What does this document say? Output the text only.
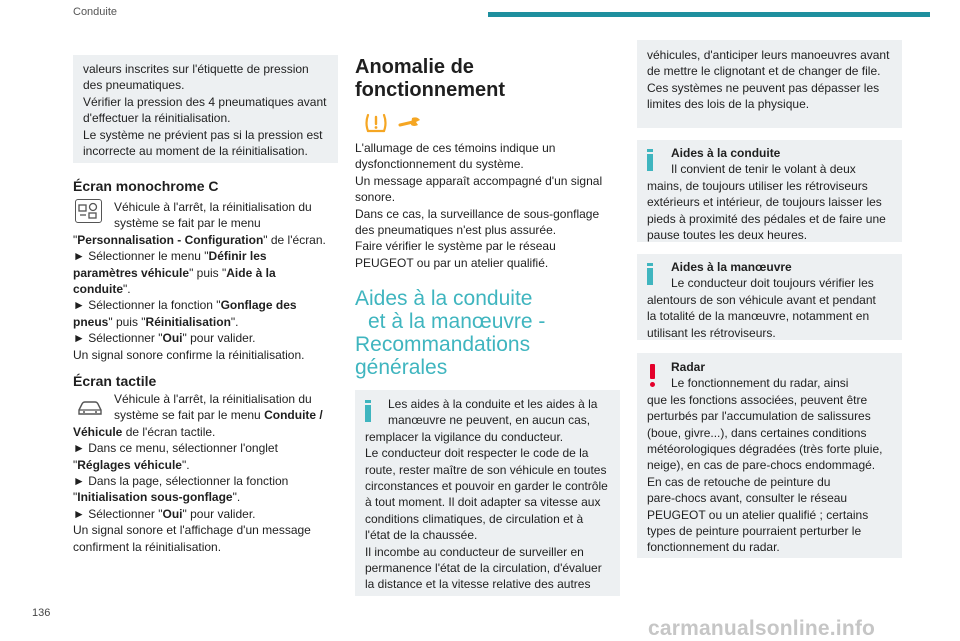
Conduite

valeurs inscrites sur l'étiquette de pression

des pneumatiques.

Vérifier la pression des 4 pneumatiques avant

d'effectuer la réinitialisation.

Le système ne prévient pas si la pression est

incorrecte au moment de la réinitialisation.

Écran monochrome C

Véhicule à l'arrêt, la réinitialisation du

système se fait par le menu

"Personnalisation - Configuration" de l'écran.

► Sélectionner le menu "Définir les

paramètres véhicule" puis "Aide à la

conduite".

► Sélectionner la fonction "Gonflage des

pneus" puis "Réinitialisation".

► Sélectionner "Oui" pour valider.

Un signal sonore confirme la réinitialisation.

Écran tactile

Véhicule à l'arrêt, la réinitialisation du

système se fait par le menu Conduite /

Véhicule de l'écran tactile.

► Dans ce menu, sélectionner l'onglet

"Réglages véhicule".

► Dans la page, sélectionner la fonction

"Initialisation sous-gonflage".

► Sélectionner "Oui" pour valider.

Un signal sonore et l'affichage d'un message

confirment la réinitialisation.

Anomalie de
fonctionnement

L'allumage de ces témoins indique un

dysfonctionnement du système.

Un message apparaît accompagné d'un signal

sonore.

Dans ce cas, la surveillance de sous-gonflage

des pneumatiques n'est plus assurée.

Faire vérifier le système par le réseau

PEUGEOT ou par un atelier qualifié.

Aides à la conduite
et à la manœuvre -
Recommandations
générales

Les aides à la conduite et les aides à la

manœuvre ne peuvent, en aucun cas,

remplacer la vigilance du conducteur.

Le conducteur doit respecter le code de la

route, rester maître de son véhicule en toutes

circonstances et pouvoir en garder le contrôle

à tout moment. Il doit adapter sa vitesse aux

conditions climatiques, de circulation et à

l'état de la chaussée.

Il incombe au conducteur de surveiller en

permanence l'état de la circulation, d'évaluer

la distance et la vitesse relative des autres

véhicules, d'anticiper leurs manoeuvres avant

de mettre le clignotant et de changer de file.

Ces systèmes ne peuvent pas dépasser les

limites des lois de la physique.

Aides à la conduite

Il convient de tenir le volant à deux

mains, de toujours utiliser les rétroviseurs

extérieurs et intérieur, de toujours laisser les

pieds à proximité des pédales et de faire une

pause toutes les deux heures.

Aides à la manœuvre

Le conducteur doit toujours vérifier les

alentours de son véhicule avant et pendant

la totalité de la manœuvre, notamment en

utilisant les rétroviseurs.

Radar

Le fonctionnement du radar, ainsi

que les fonctions associées, peuvent être

perturbés par l'accumulation de salissures

(boue, givre...), dans certaines conditions

météorologiques dégradées (très forte pluie,

neige), en cas de pare-chocs endommagé.

En cas de retouche de peinture du

pare-chocs avant, consulter le réseau

PEUGEOT ou un atelier qualifié ; certains

types de peinture pourraient perturber le

fonctionnement du radar.

136
carmanualsonline.info
